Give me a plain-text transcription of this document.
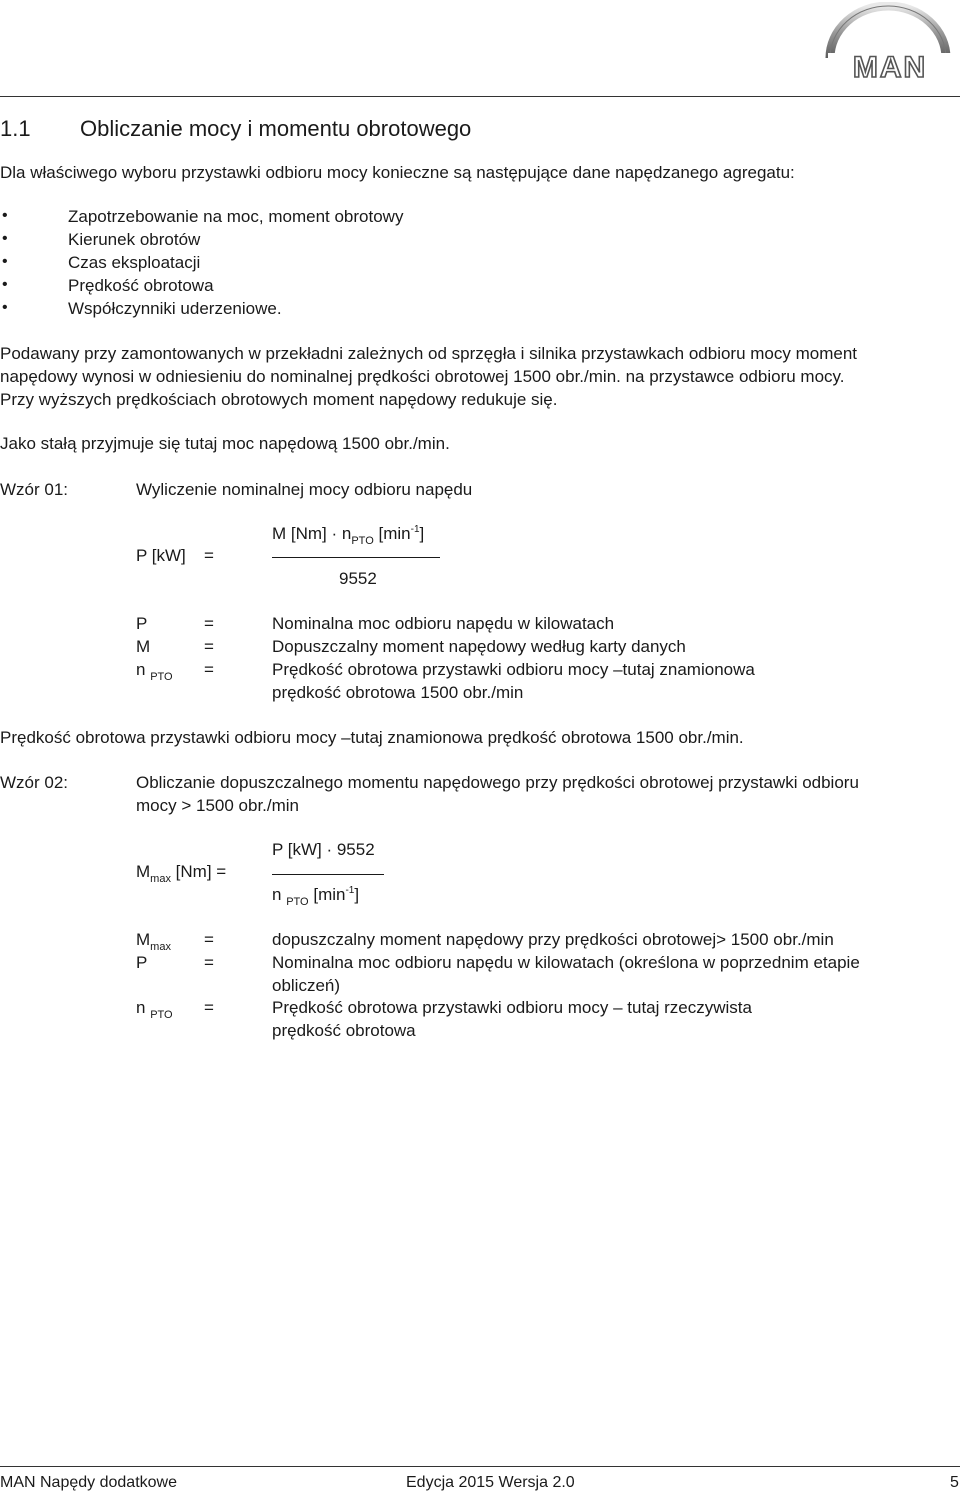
MAN
1.1 Obliczanie mocy i momentu obrotowego
Dla właściwego wyboru przystawki odbioru mocy konieczne są następujące dane napędzanego agregatu:
•	Zapotrzebowanie na moc, moment obrotowy
•	Kierunek obrotów
•	Czas eksploatacji
•	Prędkość obrotowa
•	Współczynniki uderzeniowe.
Podawany przy zamontowanych w przekładni zależnych od sprzęgła i silnika przystawkach odbioru mocy moment
napędowy wynosi w odniesieniu do nominalnej prędkości obrotowej 1500 obr./min. na przystawce odbioru mocy.
Przy wyższych prędkościach obrotowych moment napędowy redukuje się.
Jako stałą przyjmuje się tutaj moc napędową 1500 obr./min.
Wzór 01:	Wyliczenie nominalnej mocy odbioru napędu
M $[Nm] \cdot n_{PTO}$ $[\min^{-1}]$
P [kW] =
9552
P	=	Nominalna moc odbioru napędu w kilowatach
M	=	Dopuszczalny moment napędowy według karty danych
n $_{PTO}$ =	Prędkość obrotowa przystawki odbioru mocy –tutaj znamionowa
prędkość obrotowa 1500 obr./min
Prędkość obrotowa przystawki odbioru mocy –tutaj znamionowa prędkość obrotowa 1500 obr./min.
Wzór 02:	Obliczanie dopuszczalnego momentu napędowego przy prędkości obrotowej przystawki odbioru
mocy > 1500 obr./min
P [kW] · 9552
$M_{max}$ [Nm] =
n $_{PTO}$ $[\min^{-1}]$
$M_{max}$ =	dopuszczalny moment napędowy przy prędkości obrotowej> 1500 obr./min
P	=	Nominalna moc odbioru napędu w kilowatach (określona w poprzednim etapie
obliczeń)
n $_{PTO}$ =	Prędkość obrotowa przystawki odbioru mocy – tutaj rzeczywista
prędkość obrotowa
MAN Napędy dodatkowe	Edycja 2015 Wersja 2.0	5
